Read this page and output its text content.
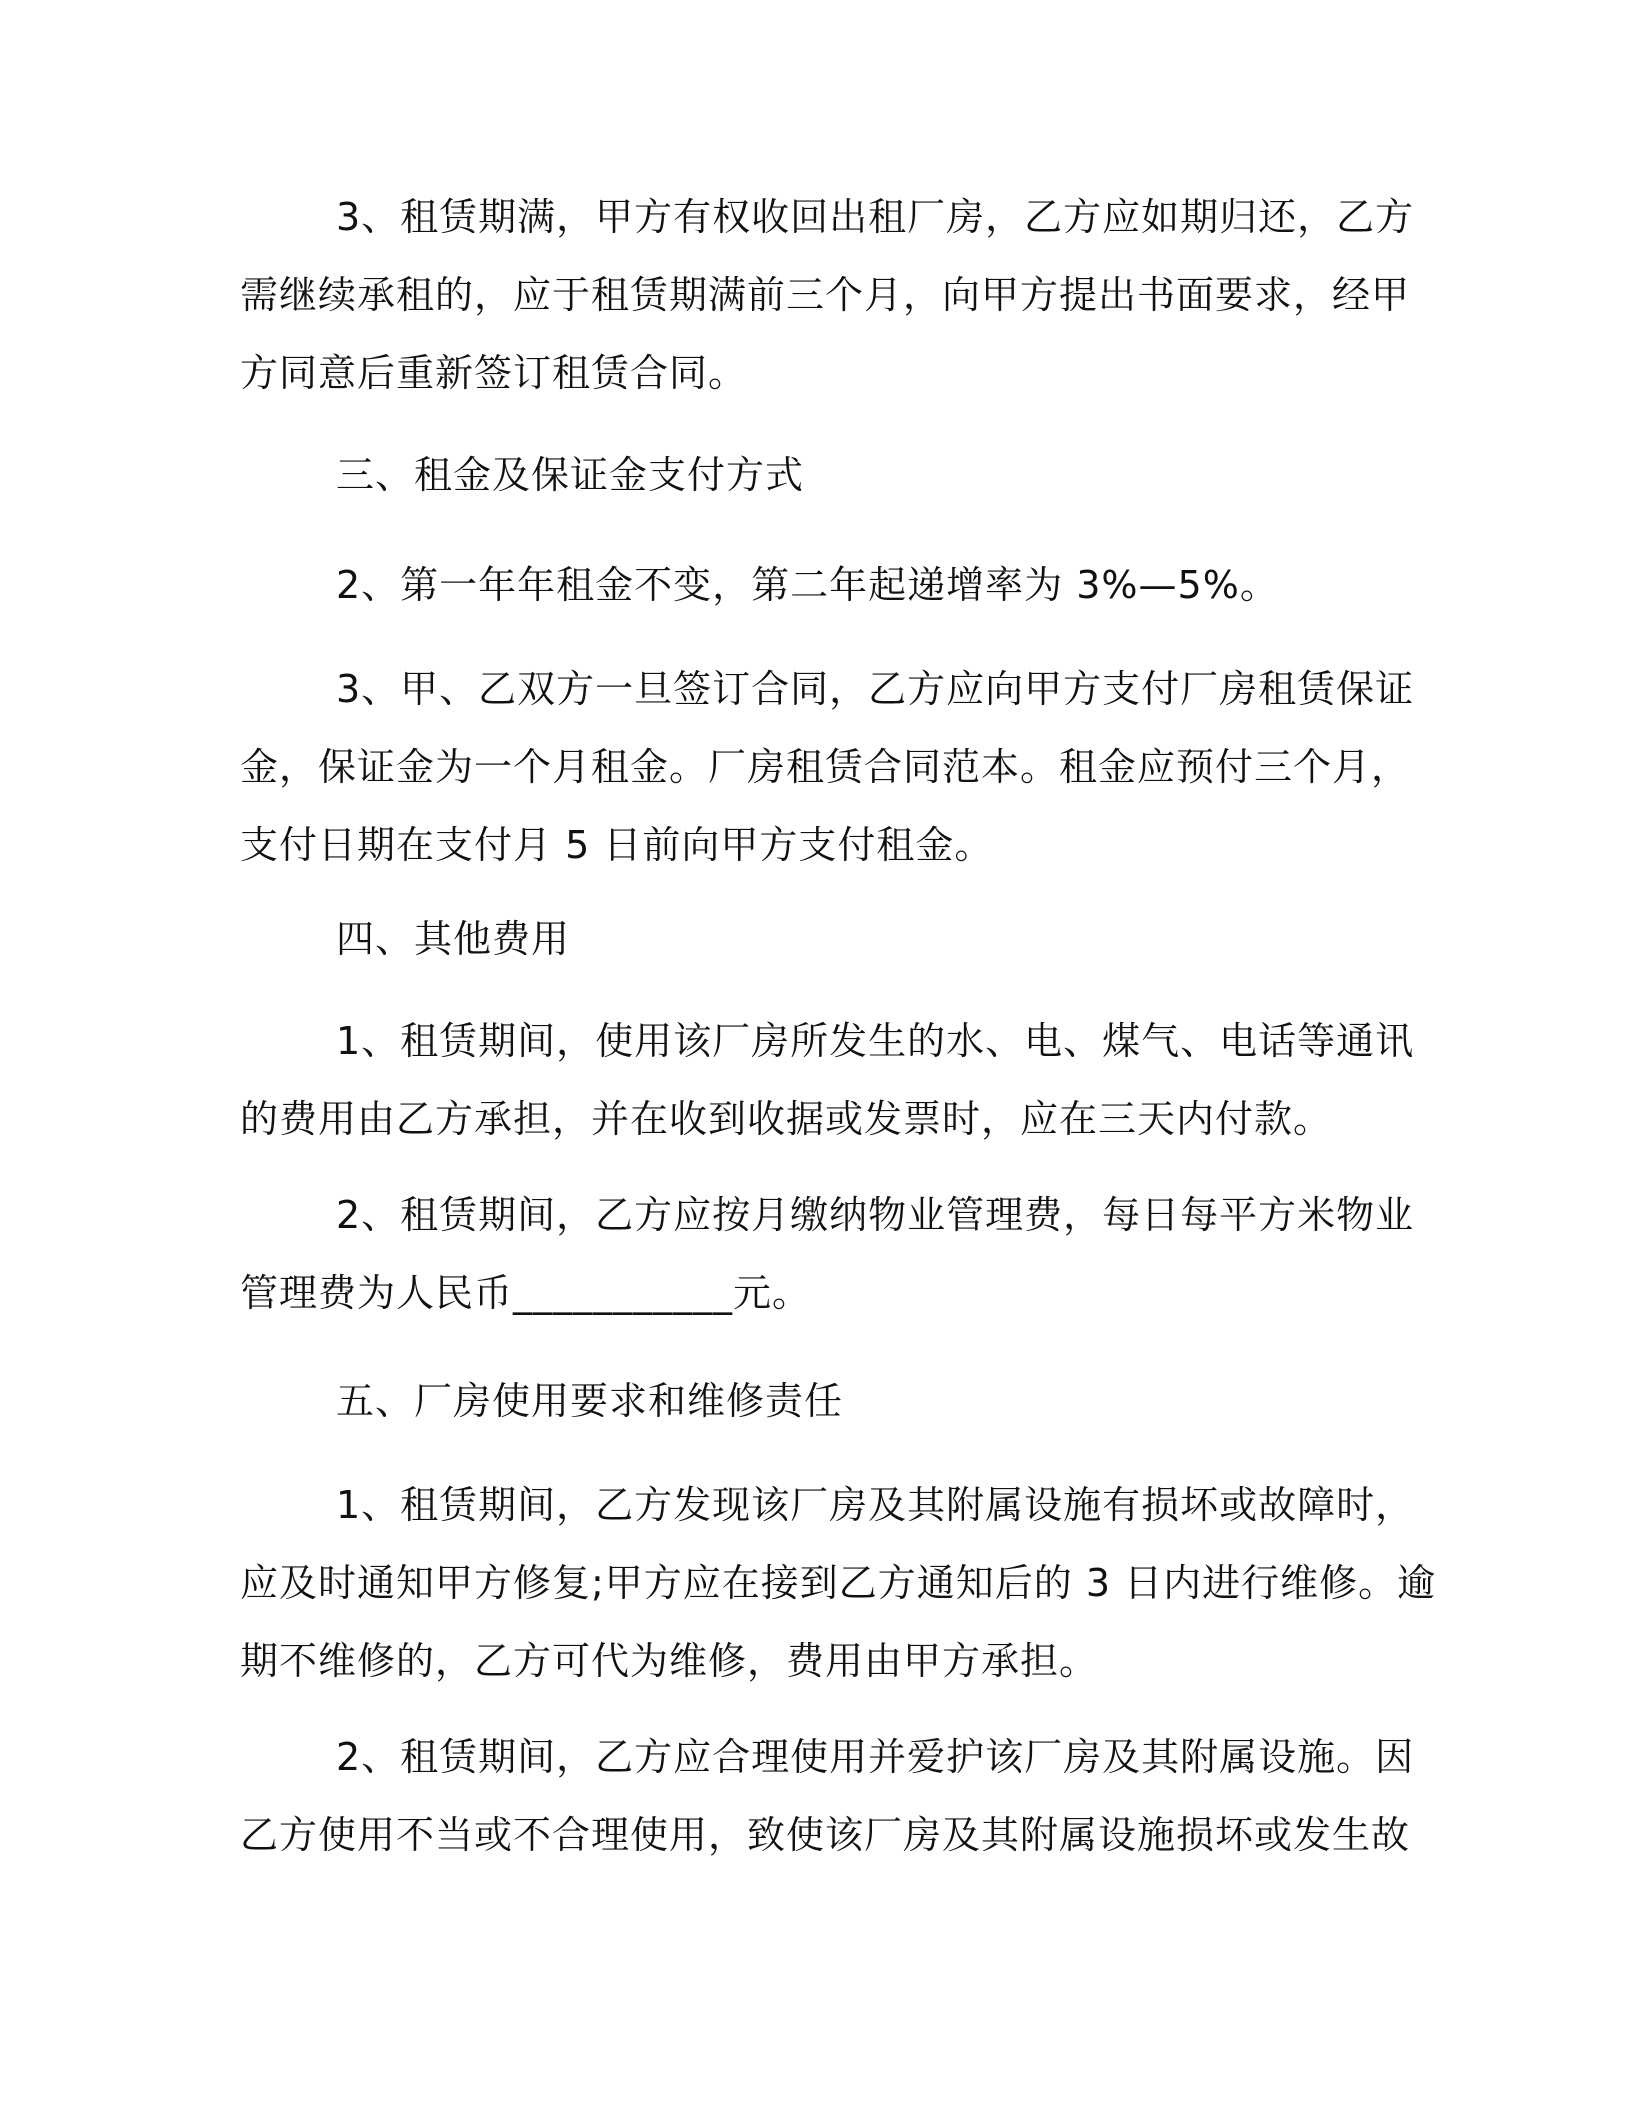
3、租赁期满，甲方有权收回出租厂房，乙方应如期归还，乙方
需继续承租的，应于租赁期满前三个月，向甲方提出书面要求，经甲
方同意后重新签订租赁合同。
三、租金及保证金支付方式
2、第一年年租金不变，第二年起递增率为 3%—5%。
3、甲、乙双方一旦签订合同，乙方应向甲方支付厂房租赁保证
金，保证金为一个月租金。厂房租赁合同范本。租金应预付三个月，
支付日期在支付月 5 日前向甲方支付租金。
四、其他费用
1、租赁期间，使用该厂房所发生的水、电、煤气、电话等通讯
的费用由乙方承担，并在收到收据或发票时，应在三天内付款。
2、租赁期间，乙方应按月缴纳物业管理费，每日每平方米物业
管理费为人民币___________元。
五、厂房使用要求和维修责任
1、租赁期间，乙方发现该厂房及其附属设施有损坏或故障时，
应及时通知甲方修复;甲方应在接到乙方通知后的 3 日内进行维修。逾
期不维修的，乙方可代为维修，费用由甲方承担。
2、租赁期间，乙方应合理使用并爱护该厂房及其附属设施。因
乙方使用不当或不合理使用，致使该厂房及其附属设施损坏或发生故
